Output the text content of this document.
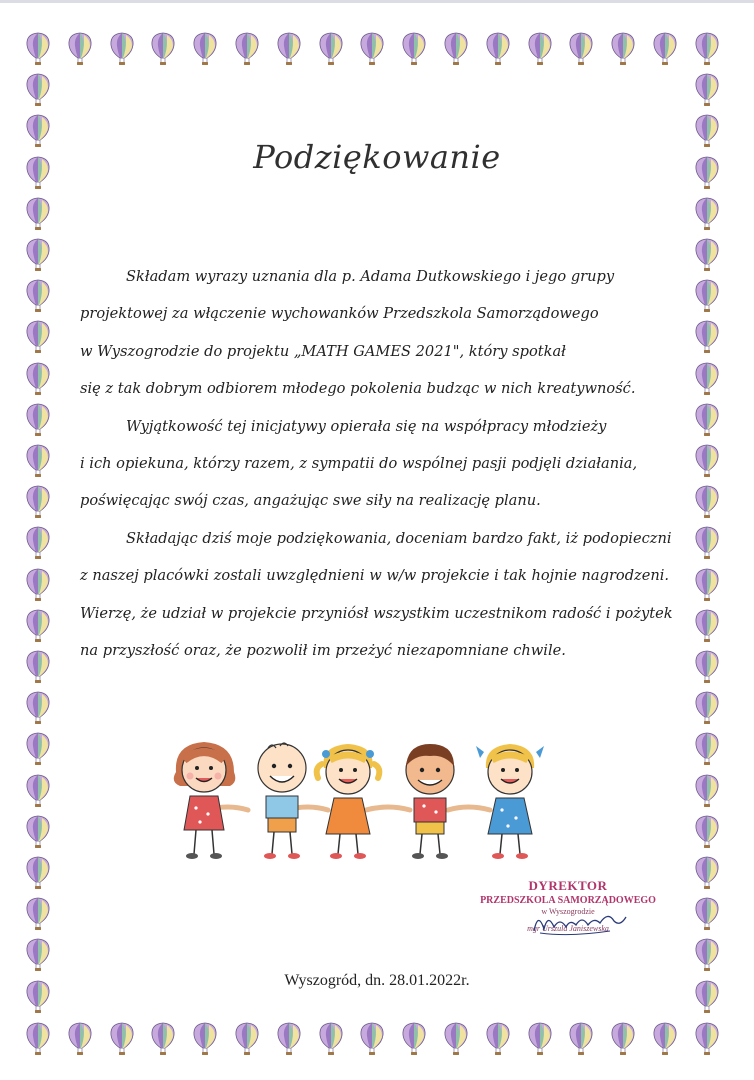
Podziękowanie

Składam wyrazy uznania dla p. Adama Dutkowskiego i jego grupy
projektowej za włączenie wychowanków Przedszkola Samorządowego
w Wyszogrodzie do projektu „MATH GAMES 2021", który spotkał
się z tak dobrym odbiorem młodego pokolenia budząc w nich kreatywność.

Wyjątkowość tej inicjatywy opierała się na współpracy młodzieży
i ich opiekuna, którzy razem, z sympatii do wspólnej pasji podjęli działania,
poświęcając swój czas, angażując swe siły na realizację planu.

Składając dziś moje podziękowania, doceniam bardzo fakt, iż podopieczni
z naszej placówki zostali uwzględnieni w w/w projekcie i tak hojnie nagrodzeni.
Wierzę, że udział w projekcie przyniósł wszystkim uczestnikom radość i pożytek
na przyszłość oraz, że pozwolił im przeżyć niezapomniane chwile.

DYREKTOR
PRZEDSZKOLA SAMORZĄDOWEGO
w Wyszogrodzie
mgr Urszula Janiszewska
Wyszogród, dn. 28.01.2022r.
